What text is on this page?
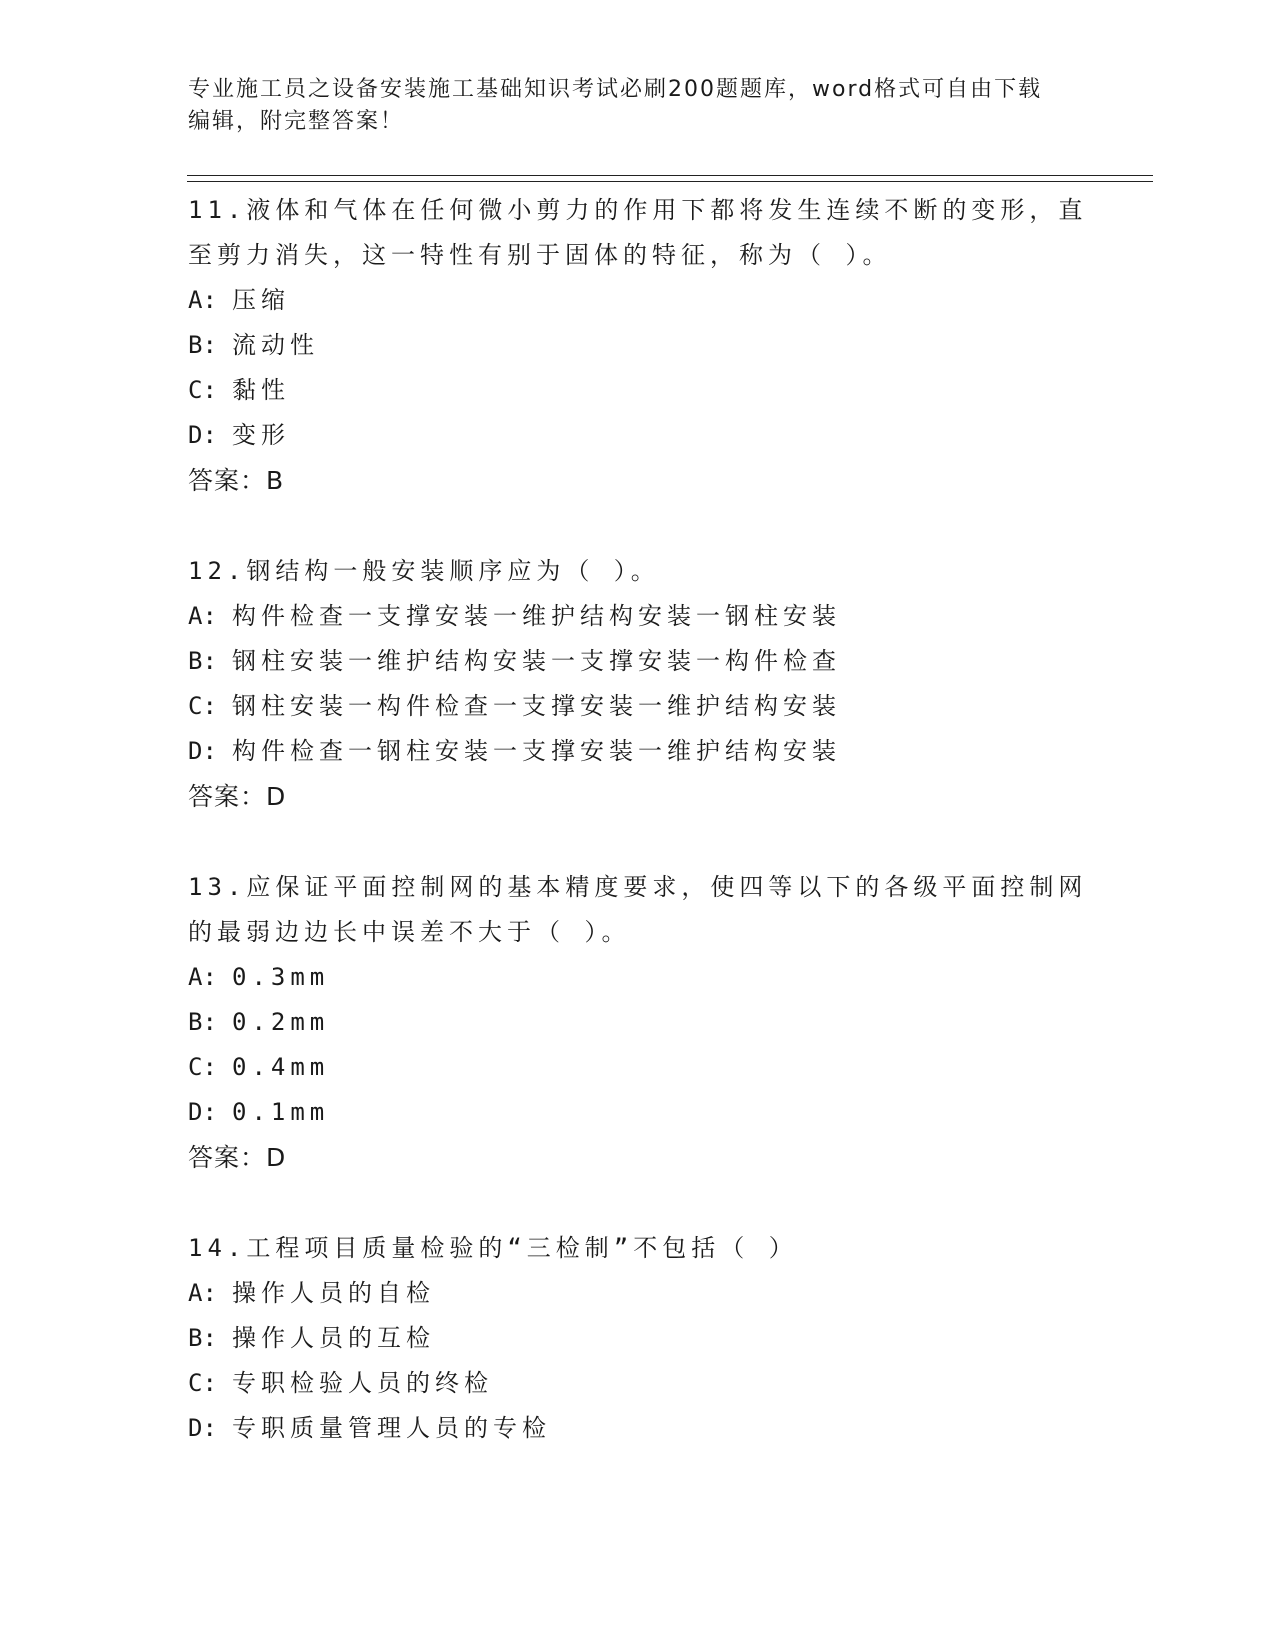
专业施工员之设备安装施工基础知识考试必刷200题题库，word格式可自由下载
编辑，附完整答案！
11.液体和气体在任何微小剪力的作用下都将发生连续不断的变形，直
至剪力消失，这一特性有别于固体的特征，称为（ ）。
A: 压缩
B: 流动性
C: 黏性
D: 变形
答案：B
12.钢结构一般安装顺序应为（ ）。
A: 构件检查一支撑安装一维护结构安装一钢柱安装
B: 钢柱安装一维护结构安装一支撑安装一构件检查
C: 钢柱安装一构件检查一支撑安装一维护结构安装
D: 构件检查一钢柱安装一支撑安装一维护结构安装
答案：D
13.应保证平面控制网的基本精度要求，使四等以下的各级平面控制网
的最弱边边长中误差不大于（ ）。
A: 0.3mm
B: 0.2mm
C: 0.4mm
D: 0.1mm
答案：D
14.工程项目质量检验的“三检制”不包括（ ）
A: 操作人员的自检
B: 操作人员的互检
C: 专职检验人员的终检
D: 专职质量管理人员的专检
